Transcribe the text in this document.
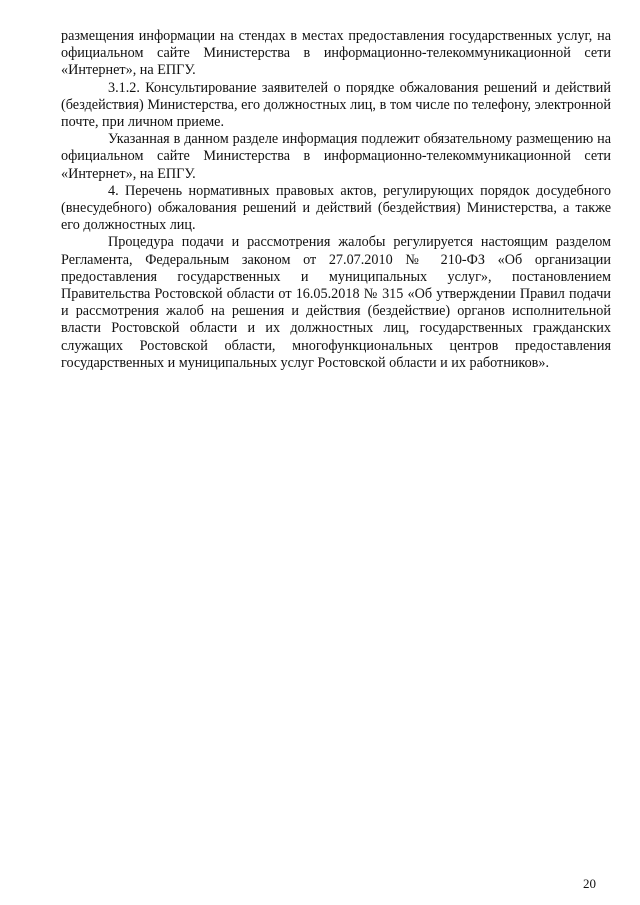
размещения информации на стендах в местах предоставления государственных услуг, на официальном сайте Министерства в информационно-телекоммуникационной сети «Интернет», на ЕПГУ.

3.1.2. Консультирование заявителей о порядке обжалования решений и действий (бездействия) Министерства, его должностных лиц, в том числе по телефону, электронной почте, при личном приеме.

Указанная в данном разделе информация подлежит обязательному размещению на официальном сайте Министерства в информационно-телекоммуникационной сети «Интернет», на ЕПГУ.

4. Перечень нормативных правовых актов, регулирующих порядок досудебного (внесудебного) обжалования решений и действий (бездействия) Министерства, а также его должностных лиц.

Процедура подачи и рассмотрения жалобы регулируется настоящим разделом Регламента, Федеральным законом от 27.07.2010 № 210-ФЗ «Об организации предоставления государственных и муниципальных услуг», постановлением Правительства Ростовской области от 16.05.2018 № 315 «Об утверждении Правил подачи и рассмотрения жалоб на решения и действия (бездействие) органов исполнительной власти Ростовской области и их должностных лиц, государственных гражданских служащих Ростовской области, многофункциональных центров предоставления государственных и муниципальных услуг Ростовской области и их работников».

20
